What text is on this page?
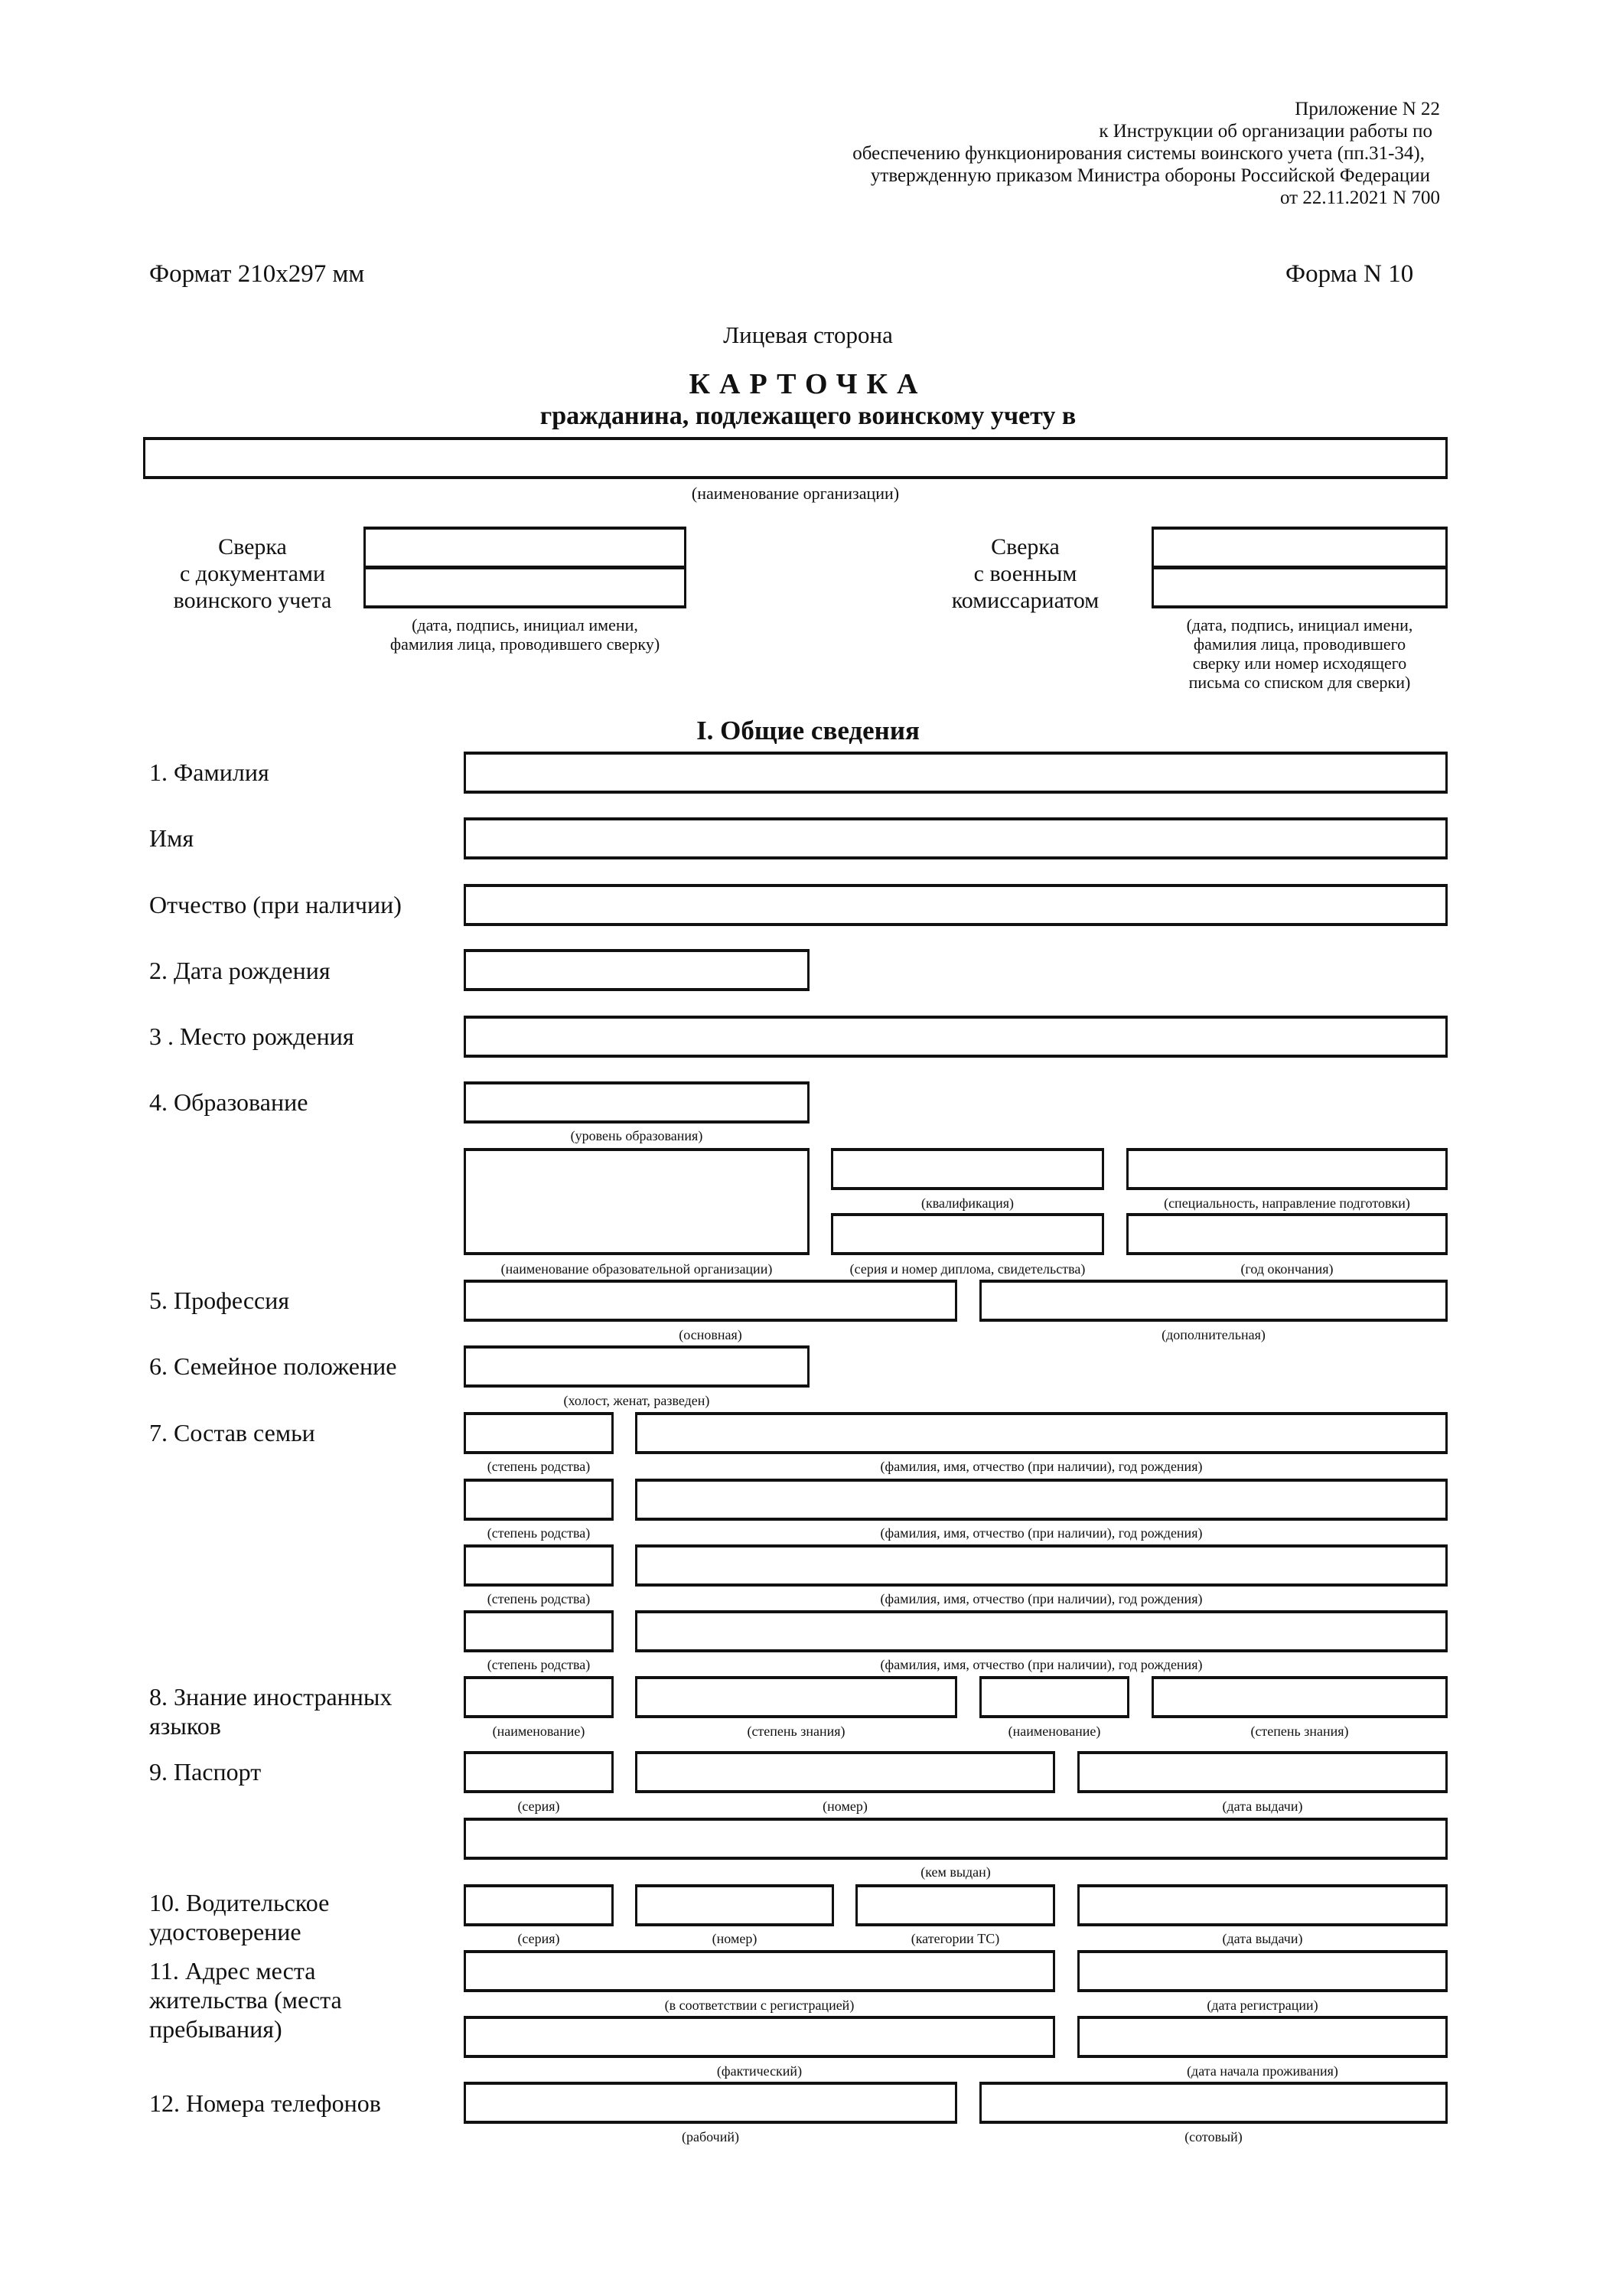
Приложение N 22
к Инструкции об организации работы по
обеспечению функционирования системы воинского учета (пп.31-34),
утвержденную приказом Министра обороны Российской Федерации
от 22.11.2021 N 700
Формат 210х297 мм	Форма N 10
Лицевая сторона
КАРТОЧКА
гражданина, подлежащего воинскому учету в
(наименование организации)
Сверка
с документами
воинского учета
(дата, подпись, инициал имени,
фамилия лица, проводившего сверку)
Сверка
с военным
комиссариатом
(дата, подпись, инициал имени,
фамилия лица, проводившего
сверку или номер исходящего
письма со списком для сверки)
I. Общие сведения
1. Фамилия
Имя
Отчество (при наличии)
2. Дата рождения
3 . Место рождения
4. Образование
(уровень образования)
(наименование образовательной организации)
(квалификация)	(специальность, направление подготовки)
(серия и номер диплома, свидетельства)	(год окончания)
5. Профессия
(основная)	(дополнительная)
6. Семейное положение
(холост, женат, разведен)
7. Состав семьи
(степень родства)	(фамилия, имя, отчество (при наличии), год рождения)
(степень родства)	(фамилия, имя, отчество (при наличии), год рождения)
(степень родства)	(фамилия, имя, отчество (при наличии), год рождения)
(степень родства)	(фамилия, имя, отчество (при наличии), год рождения)
8. Знание иностранных
языков	(наименование)	(степень знания)	(наименование)	(степень знания)
9. Паспорт
(серия)	(номер)	(дата выдачи)
(кем выдан)
10. Водительское
удостоверение	(серия)	(номер)	(категории ТС)	(дата выдачи)
11. Адрес места
жительства (места
пребывания)
(в соответствии с регистрацией)	(дата регистрации)
(фактический)	(дата начала проживания)
12. Номера телефонов
(рабочий)	(сотовый)
